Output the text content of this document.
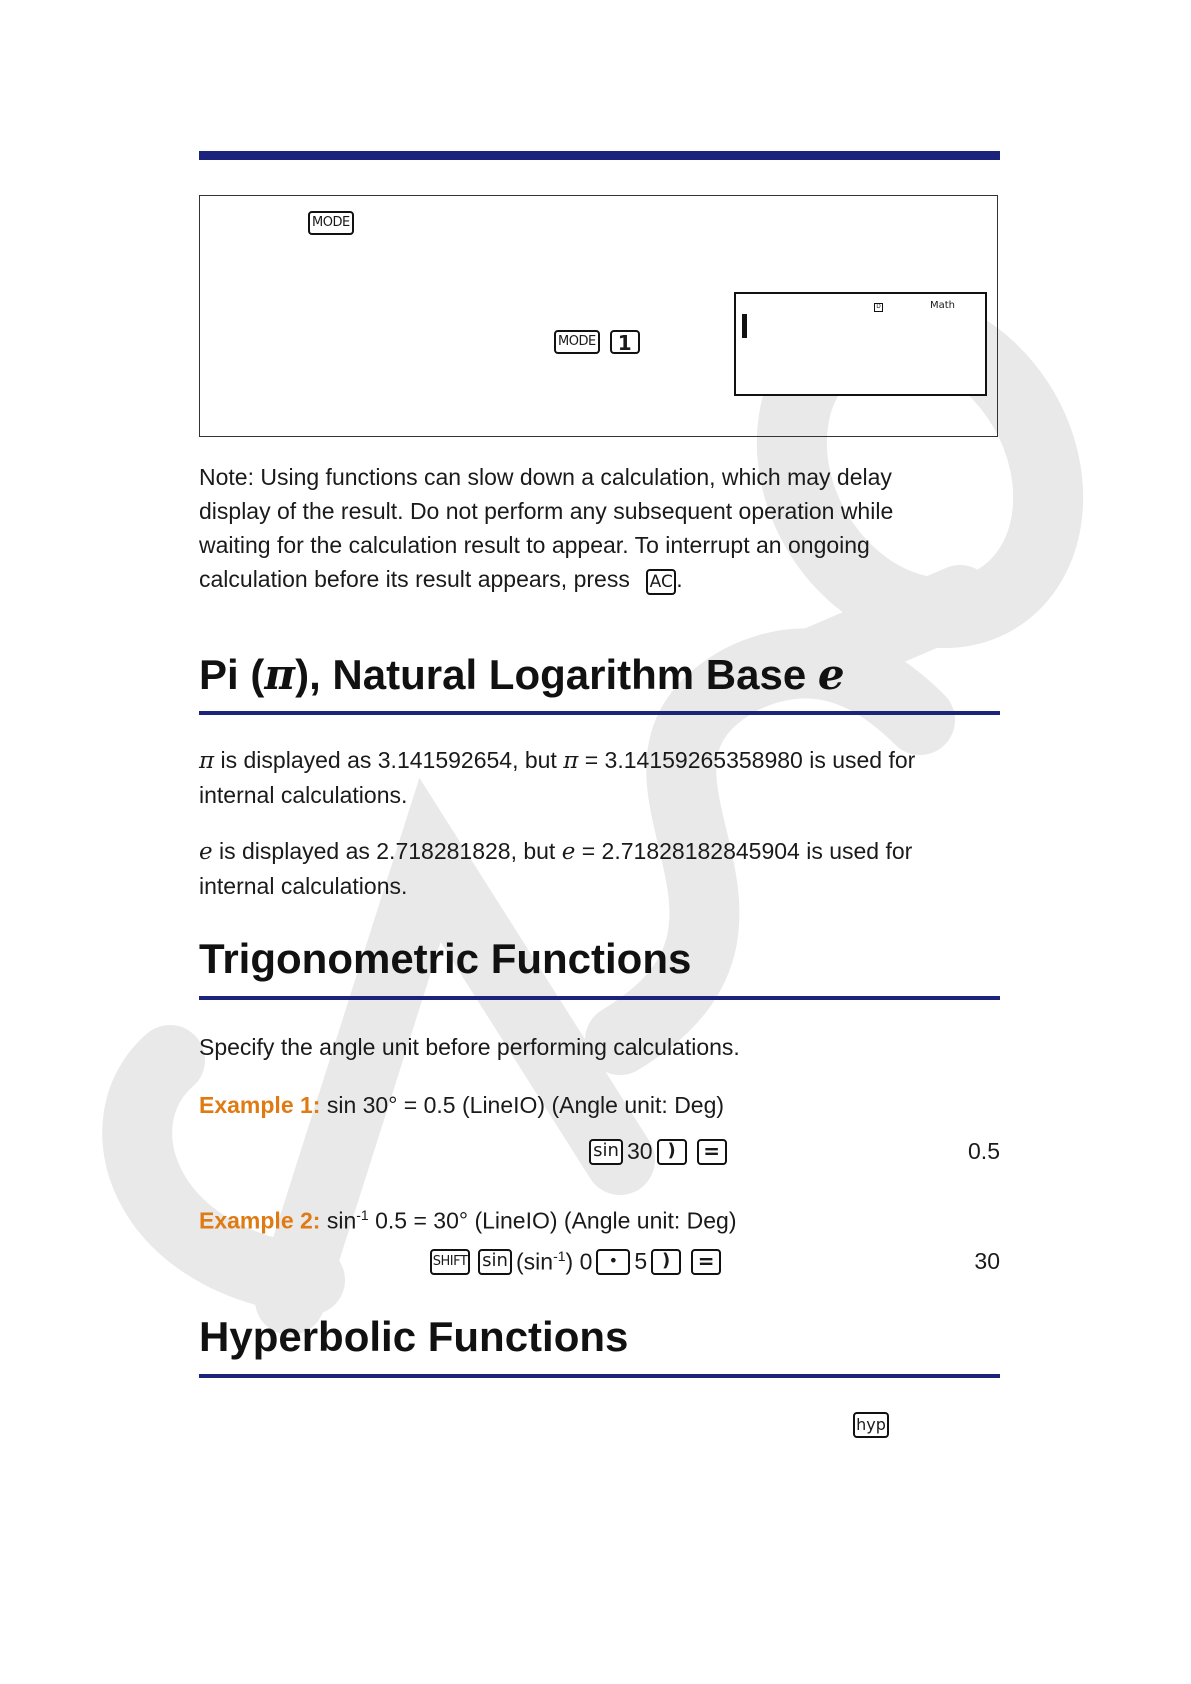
MODE
MODE	1
D	Math
Note: Using functions can slow down a calculation, which may delay
display of the result. Do not perform any subsequent operation while
waiting for the calculation result to appear. To interrupt an ongoing
calculation before its result appears, press AC .
Pi (π), Natural Logarithm Base e
π is displayed as 3.141592654, but π = 3.14159265358980 is used for
internal calculations.
e is displayed as 2.718281828, but e = 2.71828182845904 is used for
internal calculations.
Trigonometric Functions
Specify the angle unit before performing calculations.
Example 1: sin 30° = 0.5 (LineIO) (Angle unit: Deg)
sin 30 )	=	0.5
Example 2: $\sin^{-1} 0.5 = 30^\circ$ (LineIO) (Angle unit: Deg)
SHIFT $\sin (\sin^{-1})$ 0	• 5 )	=	30
Hyperbolic Functions
hyp
